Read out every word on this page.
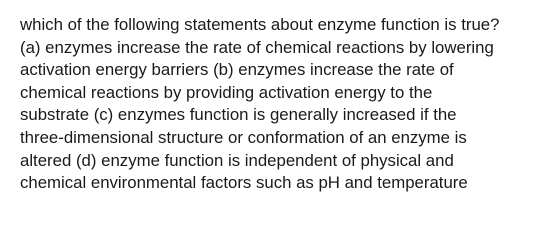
which of the following statements about enzyme function is true?
(a) enzymes increase the rate of chemical reactions by lowering
activation energy barriers (b) enzymes increase the rate of
chemical reactions by providing activation energy to the
substrate (c) enzymes function is generally increased if the
three-dimensional structure or conformation of an enzyme is
altered (d) enzyme function is independent of physical and
chemical environmental factors such as pH and temperature
